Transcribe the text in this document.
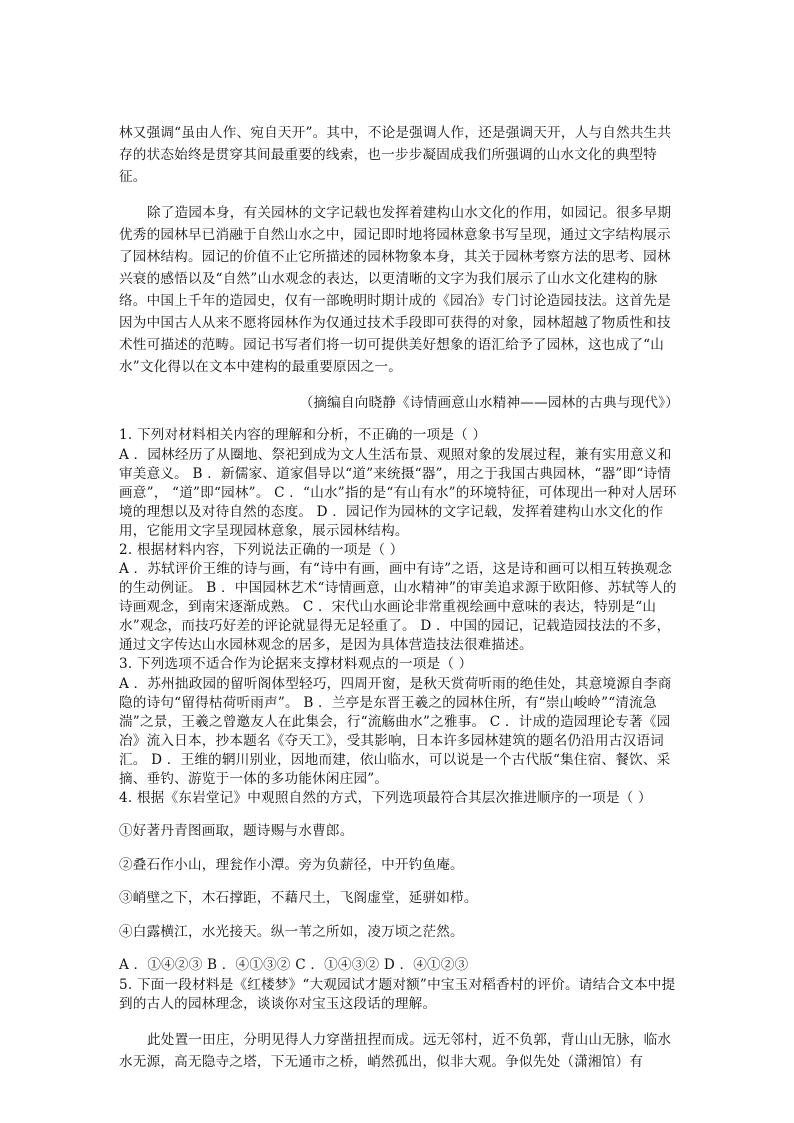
林又强调“虽由人作、宛自天开”。其中，不论是强调人作，还是强调天开，人与自然共生共存的状态始终是贯穿其间最重要的线索，也一步步凝固成我们所强调的山水文化的典型特征。

除了造园本身，有关园林的文字记载也发挥着建构山水文化的作用，如园记。很多早期优秀的园林早已消融于自然山水之中，园记即时地将园林意象书写呈现，通过文字结构展示了园林结构。园记的价值不止它所描述的园林物象本身，其关于园林考察方法的思考、园林兴衰的感悟以及“自然”山水观念的表达，以更清晰的文字为我们展示了山水文化建构的脉络。中国上千年的造园史，仅有一部晚明时期计成的《园冶》专门讨论造园技法。这首先是因为中国古人从来不愿将园林作为仅通过技术手段即可获得的对象，园林超越了物质性和技术性可描述的范畴。园记书写者们将一切可提供美好想象的语汇给予了园林，这也成了“山水”文化得以在文本中建构的最重要原因之一。

（摘编自向晓静《诗情画意山水精神——园林的古典与现代》）

1. 下列对材料相关内容的理解和分析，不正确的一项是（ ）

A ．园林经历了从圈地、祭祀到成为文人生活布景、观照对象的发展过程，兼有实用意义和审美意义。 B ．新儒家、道家倡导以“道”来统摄“器”，用之于我国古典园林，“器”即“诗情画意”， “道”即“园林”。 C ．“山水”指的是“有山有水”的环境特征，可体现出一种对人居环境的理想以及对待自然的态度。 D ．园记作为园林的文字记载，发挥着建构山水文化的作用，它能用文字呈现园林意象，展示园林结构。

2. 根据材料内容，下列说法正确的一项是（ ）

A ．苏轼评价王维的诗与画，有“诗中有画，画中有诗”之语，这是诗和画可以相互转换观念的生动例证。 B ．中国园林艺术“诗情画意，山水精神”的审美追求源于欧阳修、苏轼等人的诗画观念，到南宋逐渐成熟。 C ．宋代山水画论非常重视绘画中意味的表达，特别是“山水”观念，而技巧好差的评论就显得无足轻重了。 D ．中国的园记，记载造园技法的不多，通过文字传达山水园林观念的居多，是因为具体营造技法很难描述。

3. 下列选项不适合作为论据来支撑材料观点的一项是（ ）

A ．苏州拙政园的留听阁体型轻巧，四周开窗，是秋天赏荷听雨的绝佳处，其意境源自李商隐的诗句“留得枯荷听雨声”。 B ．兰亭是东晋王羲之的园林住所，有“崇山峻岭”“清流急湍”之景，王羲之曾邀友人在此集会，行“流觞曲水”之雅事。 C ．计成的造园理论专著《园冶》流入日本，抄本题名《夺天工》，受其影响，日本许多园林建筑的题名仍沿用古汉语词汇。 D ．王维的辋川别业，因地而建，依山临水，可以说是一个古代版“集住宿、餐饮、采摘、垂钓、游览于一体的多功能休闲庄园”。

4. 根据《东岩堂记》中观照自然的方式，下列选项最符合其层次推进顺序的一项是（ ）

①好著丹青图画取，题诗赐与水曹郎。

②叠石作小山，理瓮作小潭。旁为负薪径，中开钓鱼庵。

③峭壁之下，木石撑距，不藉尺土，飞阁虚堂，延骈如栉。

④白露横江，水光接天。纵一苇之所如，凌万顷之茫然。

A ．①④②③ B ．④①③② C ．①④③② D ．④①②③

5. 下面一段材料是《红楼梦》“大观园试才题对额”中宝玉对稻香村的评价。请结合文本中提到的古人的园林理念，谈谈你对宝玉这段话的理解。

此处置一田庄，分明见得人力穿凿扭捏而成。远无邻村，近不负郭，背山山无脉，临水水无源，高无隐寺之塔，下无通市之桥，峭然孤出，似非大观。争似先处（潇湘馆）有
